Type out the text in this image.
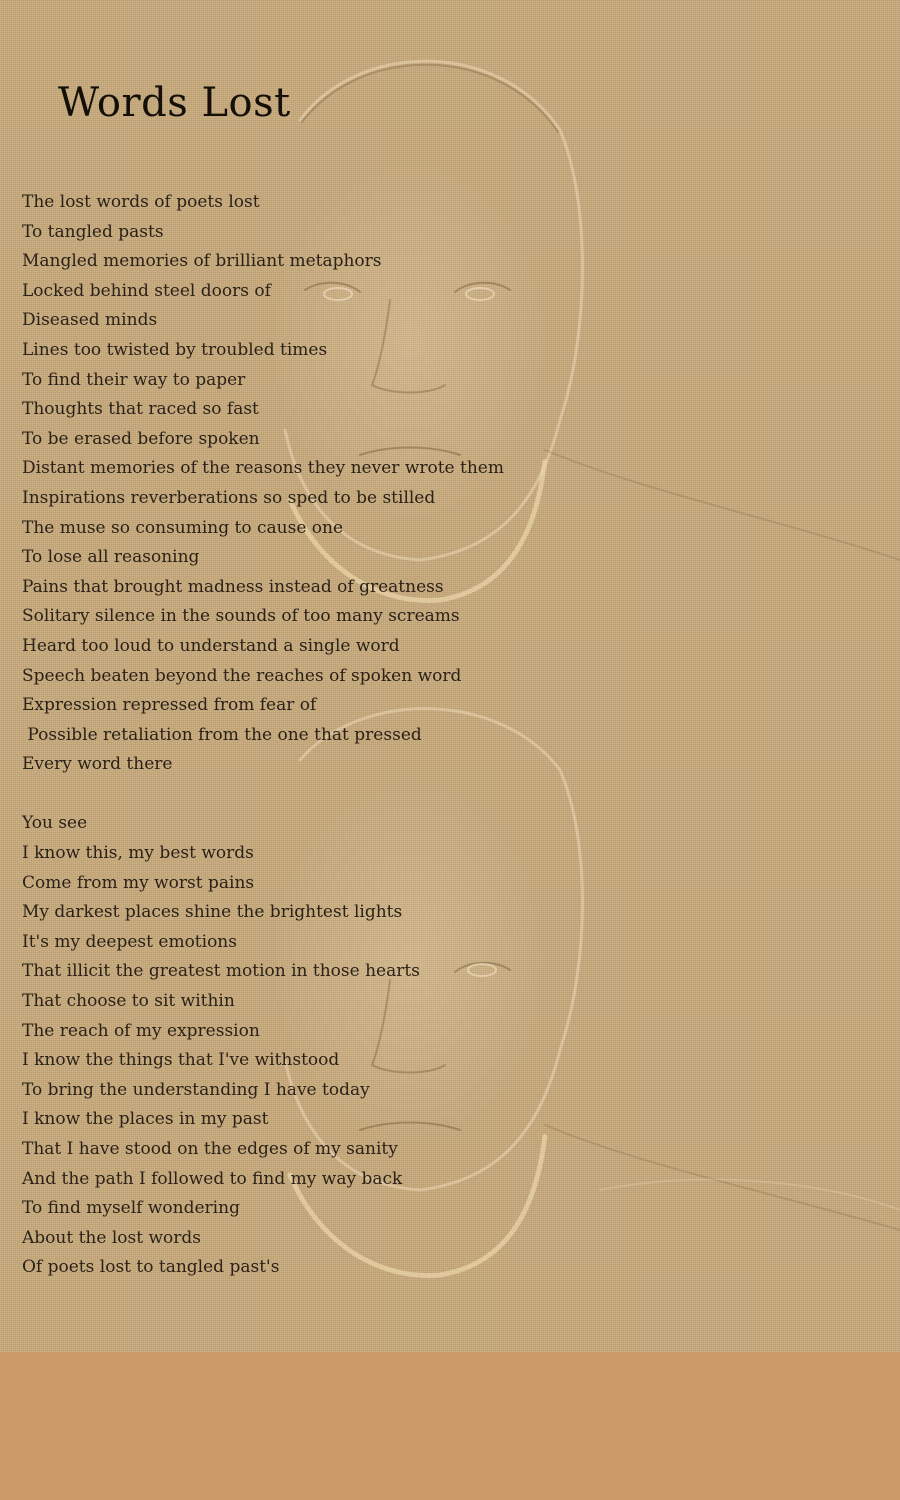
Words Lost
The lost words of poets lost
To tangled pasts
Mangled memories of brilliant metaphors
Locked behind steel doors of
Diseased minds
Lines too twisted by troubled times
To find their way to paper
Thoughts that raced so fast
To be erased before spoken
Distant memories of the reasons they never wrote them
Inspirations reverberations so sped to be stilled
The muse so consuming to cause one
To lose all reasoning
Pains that brought madness instead of greatness
Solitary silence in the sounds of too many screams
Heard too loud to understand a single word
Speech beaten beyond the reaches of spoken word
Expression repressed from fear of
Possible retaliation from the one that pressed
Every word there
You see
I know this, my best words
Come from my worst pains
My darkest places shine the brightest lights
It's my deepest emotions
That illicit the greatest motion in those hearts
That choose to sit within
The reach of my expression
I know the things that I've withstood
To bring the understanding I have today
I know the places in my past
That I have stood on the edges of my sanity
And the path I followed to find my way back
To find myself wondering
About the lost words
Of poets lost to tangled past's
